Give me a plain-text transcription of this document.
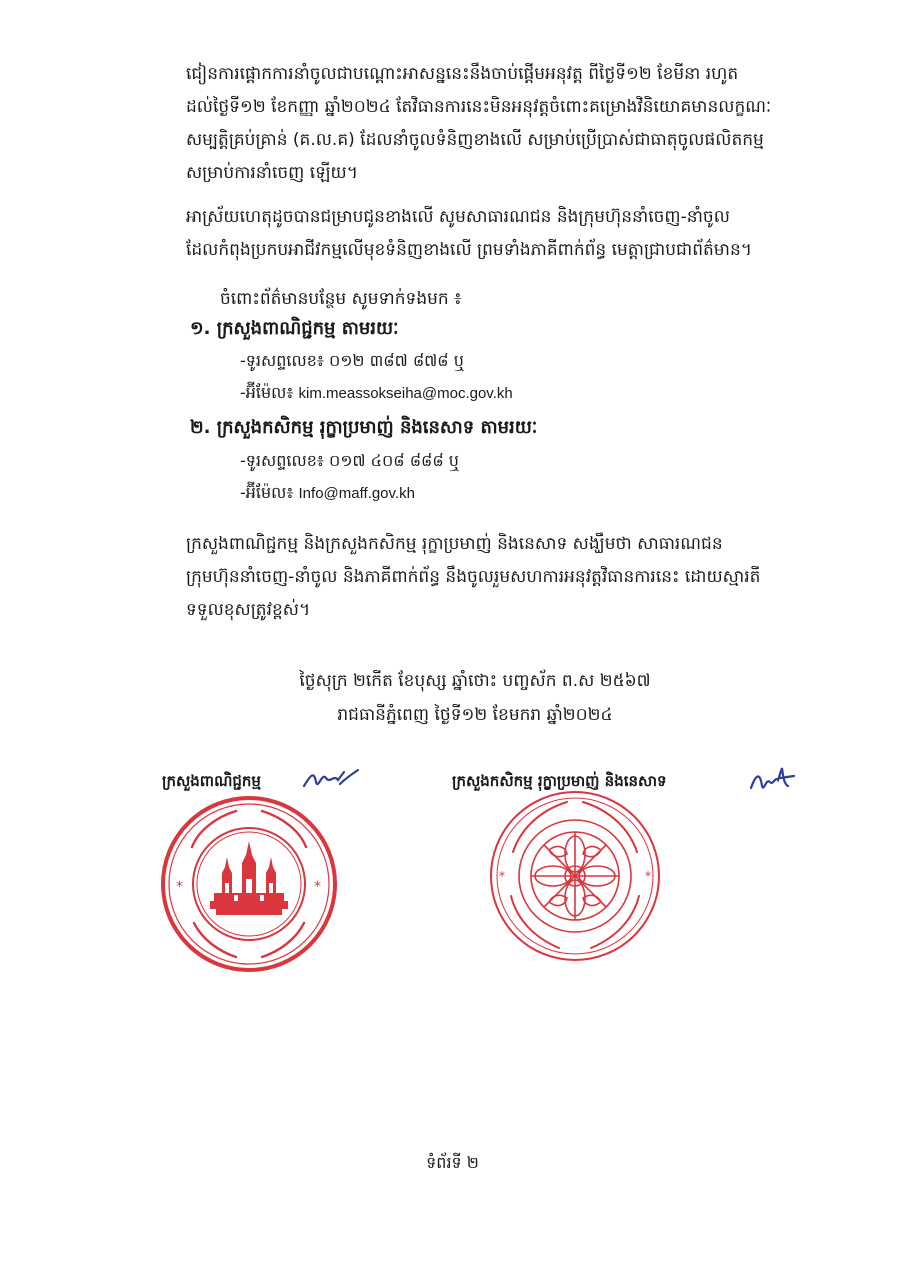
ជៀនការផ្ដោកការនាំចូលជាបណ្ដោះអាសន្ននេះនឹងចាប់ផ្ដើមអនុវត្ត ពីថ្ងៃទី១២ ខែមីនា រហូត
ដល់ថ្ងៃទី១២ ខែកញ្ញា ឆ្នាំ២០២៤ តែវិធានការនេះមិនអនុវត្តចំពោះគម្រោងវិនិយោគមានលក្ខណៈ
សម្បត្តិគ្រប់គ្រាន់ (គ.ល.គ) ដែលនាំចូលទំនិញខាងលើ សម្រាប់ប្រើប្រាស់ជាធាតុចូលផលិតកម្ម
សម្រាប់ការនាំចេញ ឡើយ។
អាស្រ័យហេតុដូចបានជម្រាបជូនខាងលើ សូមសាធារណជន និងក្រុមហ៊ុននាំចេញ-នាំចូល
ដែលកំពុងប្រកបអាជីវកម្មលើមុខទំនិញខាងលើ ព្រមទាំងភាគីពាក់ព័ន្ធ មេត្តាជ្រាបជាព័ត៌មាន។
ចំពោះព័ត៌មានបន្ថែម សូមទាក់ទងមក ៖
១. ក្រសួងពាណិជ្ជកម្ម តាមរយៈ
-ទូរសព្ទលេខ៖ ០១២ ៣៨៧ ៨៧៨ ឬ
-អ៊ីម៉ែល៖ kim.meassokseiha@moc.gov.kh
២. ក្រសួងកសិកម្ម រុក្ខាប្រមាញ់ និងនេសាទ តាមរយៈ
-ទូរសព្ទលេខ៖ ០១៧ ៤០៨ ៨៨៨ ឬ
-អ៊ីម៉ែល៖ Info@maff.gov.kh
ក្រសួងពាណិជ្ជកម្ម និងក្រសួងកសិកម្ម រុក្ខាប្រមាញ់ និងនេសាទ សង្ឃឹមថា សាធារណជន
ក្រុមហ៊ុននាំចេញ-នាំចូល និងភាគីពាក់ព័ន្ធ នឹងចូលរួមសហការអនុវត្តវិធានការនេះ ដោយស្មារតី
ទទួលខុសត្រូវខ្ពស់។
ថ្ងៃសុក្រ ២កើត ខែបុស្ស ឆ្នាំថោះ បញ្ចស័ក ព.ស ២៥៦៧
រាជធានីភ្នំពេញ ថ្ងៃទី១២ ខែមករា ឆ្នាំ២០២៤
ក្រសួងពាណិជ្ជកម្ម	ក្រសួងកសិកម្ម រុក្ខាប្រមាញ់ និងនេសាទ
*	*
*	*
ទំព័រទី ២
